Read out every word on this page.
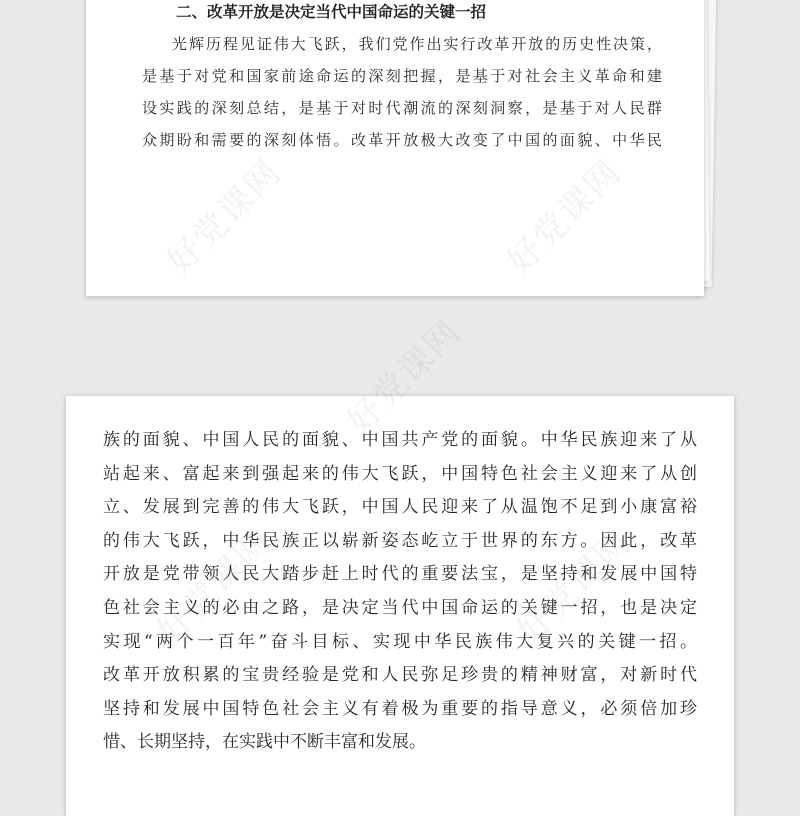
二、改革开放是决定当代中国命运的关键一招
光辉历程见证伟大飞跃，我们党作出实行改革开放的历史性决策，
是基于对党和国家前途命运的深刻把握，是基于对社会主义革命和建
设实践的深刻总结，是基于对时代潮流的深刻洞察，是基于对人民群
众期盼和需要的深刻体悟。改革开放极大改变了中国的面貌、中华民
族的面貌、中国人民的面貌、中国共产党的面貌。中华民族迎来了从
站起来、富起来到强起来的伟大飞跃，中国特色社会主义迎来了从创
立、发展到完善的伟大飞跃，中国人民迎来了从温饱不足到小康富裕
的伟大飞跃，中华民族正以崭新姿态屹立于世界的东方。因此，改革
开放是党带领人民大踏步赶上时代的重要法宝，是坚持和发展中国特
色社会主义的必由之路，是决定当代中国命运的关键一招，也是决定
实现“两个一百年”奋斗目标、实现中华民族伟大复兴的关键一招。
改革开放积累的宝贵经验是党和人民弥足珍贵的精神财富，对新时代
坚持和发展中国特色社会主义有着极为重要的指导意义，必须倍加珍
惜、长期坚持，在实践中不断丰富和发展。
好党课网
